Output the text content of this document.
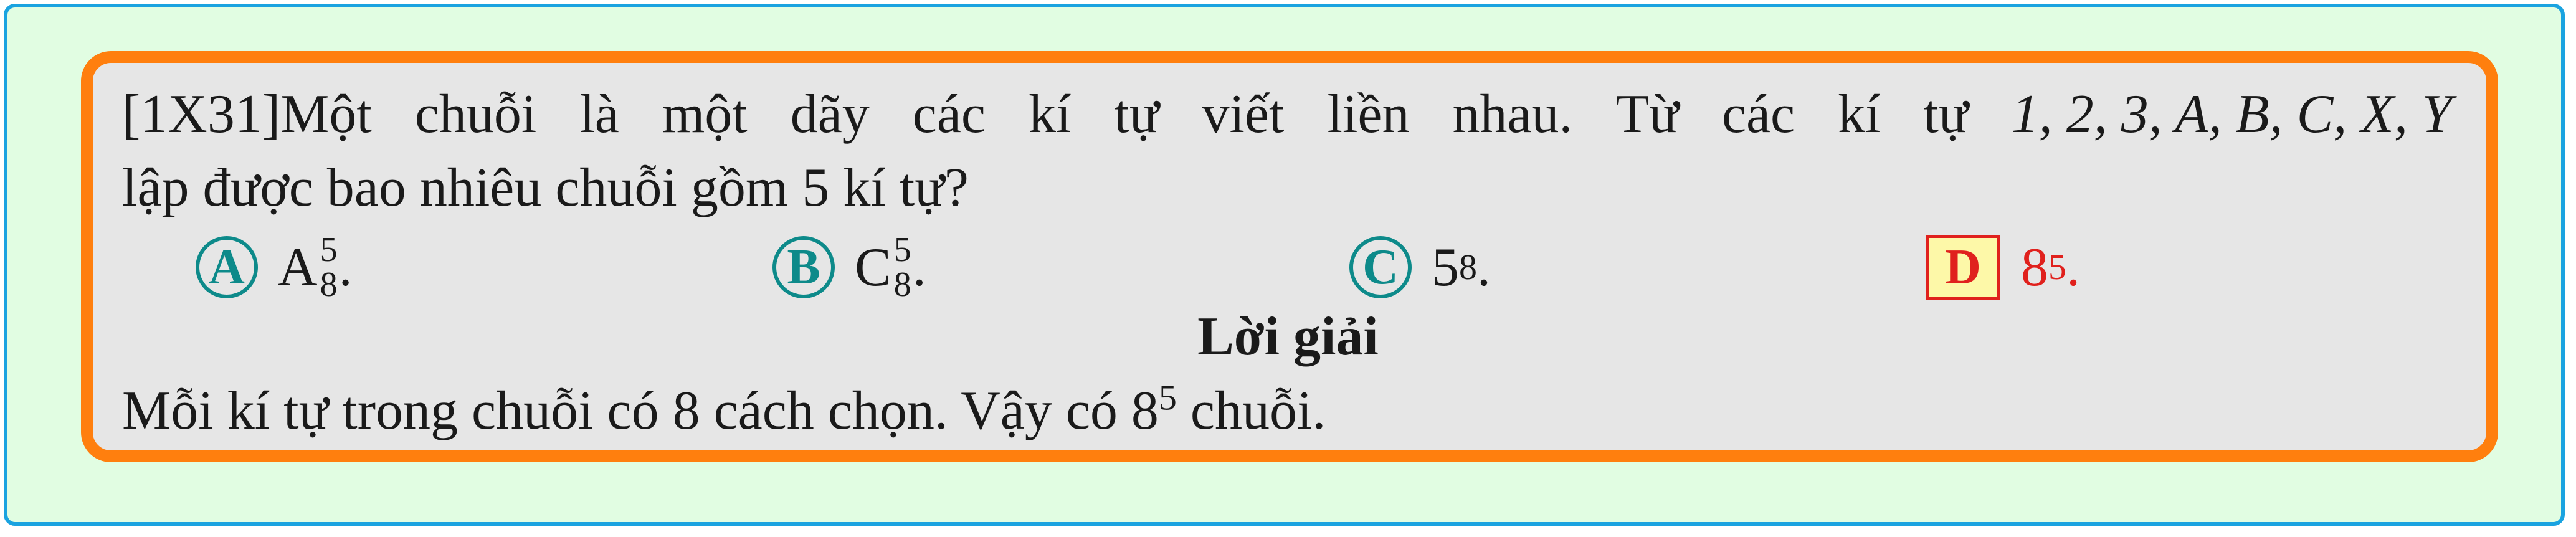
[1X31]Một chuỗi là một dãy các kí tự viết liền nhau. Từ các kí tự 1, 2, 3, A, B, C, X, Y
lập được bao nhiêu chuỗi gồm 5 kí tự?
A A 5
8 .	B C 5
8 .	C 5 8 .	D 8 5 .
Lời giải
Mỗi kí tự trong chuỗi có 8 cách chọn. Vậy có $8^5$ chuỗi.
